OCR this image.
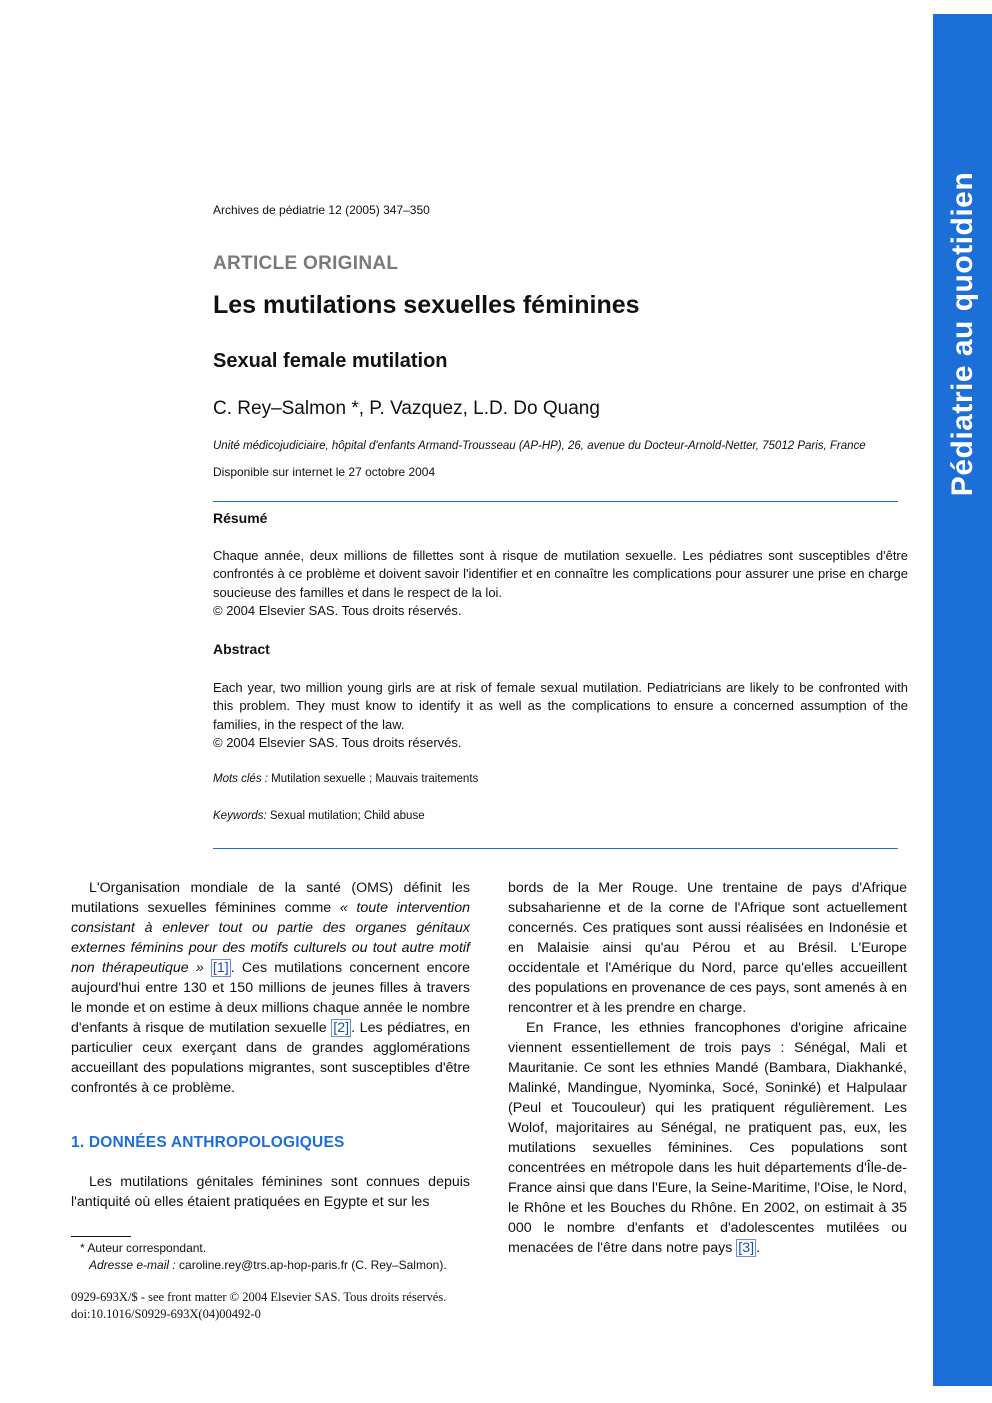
Pédiatrie au quotidien
Archives de pédiatrie 12 (2005) 347–350
ARTICLE ORIGINAL
Les mutilations sexuelles féminines
Sexual female mutilation
C. Rey–Salmon *, P. Vazquez, L.D. Do Quang
Unité médicojudiciaire, hôpital d'enfants Armand-Trousseau (AP-HP), 26, avenue du Docteur-Arnold-Netter, 75012 Paris, France
Disponible sur internet le 27 octobre 2004
Résumé
Chaque année, deux millions de fillettes sont à risque de mutilation sexuelle. Les pédiatres sont susceptibles d'être confrontés à ce problème et doivent savoir l'identifier et en connaître les complications pour assurer une prise en charge soucieuse des familles et dans le respect de la loi.
© 2004 Elsevier SAS. Tous droits réservés.
Abstract
Each year, two million young girls are at risk of female sexual mutilation. Pediatricians are likely to be confronted with this problem. They must know to identify it as well as the complications to ensure a concerned assumption of the families, in the respect of the law.
© 2004 Elsevier SAS. Tous droits réservés.
Mots clés : Mutilation sexuelle ; Mauvais traitements
Keywords: Sexual mutilation; Child abuse

L'Organisation mondiale de la santé (OMS) définit les mutilations sexuelles féminines comme « toute intervention consistant à enlever tout ou partie des organes génitaux externes féminins pour des motifs culturels ou tout autre motif non thérapeutique » [1] . Ces mutilations concernent encore aujourd'hui entre 130 et 150 millions de jeunes filles à travers le monde et on estime à deux millions chaque année le nombre d'enfants à risque de mutilation sexuelle [2] . Les pédiatres, en particulier ceux exerçant dans de grandes agglomérations accueillant des populations migrantes, sont susceptibles d'être confrontés à ce problème.

1. DONNÉES ANTHROPOLOGIQUES

Les mutilations génitales féminines sont connues depuis l'antiquité où elles étaient pratiquées en Egypte et sur les

bords de la Mer Rouge. Une trentaine de pays d'Afrique subsaharienne et de la corne de l'Afrique sont actuellement concernés. Ces pratiques sont aussi réalisées en Indonésie et en Malaisie ainsi qu'au Pérou et au Brésil. L'Europe occidentale et l'Amérique du Nord, parce qu'elles accueillent des populations en provenance de ces pays, sont amenés à en rencontrer et à les prendre en charge.

En France, les ethnies francophones d'origine africaine viennent essentiellement de trois pays : Sénégal, Mali et Mauritanie. Ce sont les ethnies Mandé (Bambara, Diakhanké, Malinké, Mandingue, Nyominka, Socé, Soninké) et Halpulaar (Peul et Toucouleur) qui les pratiquent régulièrement. Les Wolof, majoritaires au Sénégal, ne pratiquent pas, eux, les mutilations sexuelles féminines. Ces populations sont concentrées en métropole dans les huit départements d'Île-de-France ainsi que dans l'Eure, la Seine-Maritime, l'Oise, le Nord, le Rhône et les Bouches du Rhône. En 2002, on estimait à 35 000 le nombre d'enfants et d'adolescentes mutilées ou menacées de l'être dans notre pays [3] .

* Auteur correspondant.
Adresse e-mail : caroline.rey@trs.ap-hop-paris.fr (C. Rey–Salmon).
0929-693X/$ - see front matter © 2004 Elsevier SAS. Tous droits réservés.
doi:10.1016/S0929-693X(04)00492-0
